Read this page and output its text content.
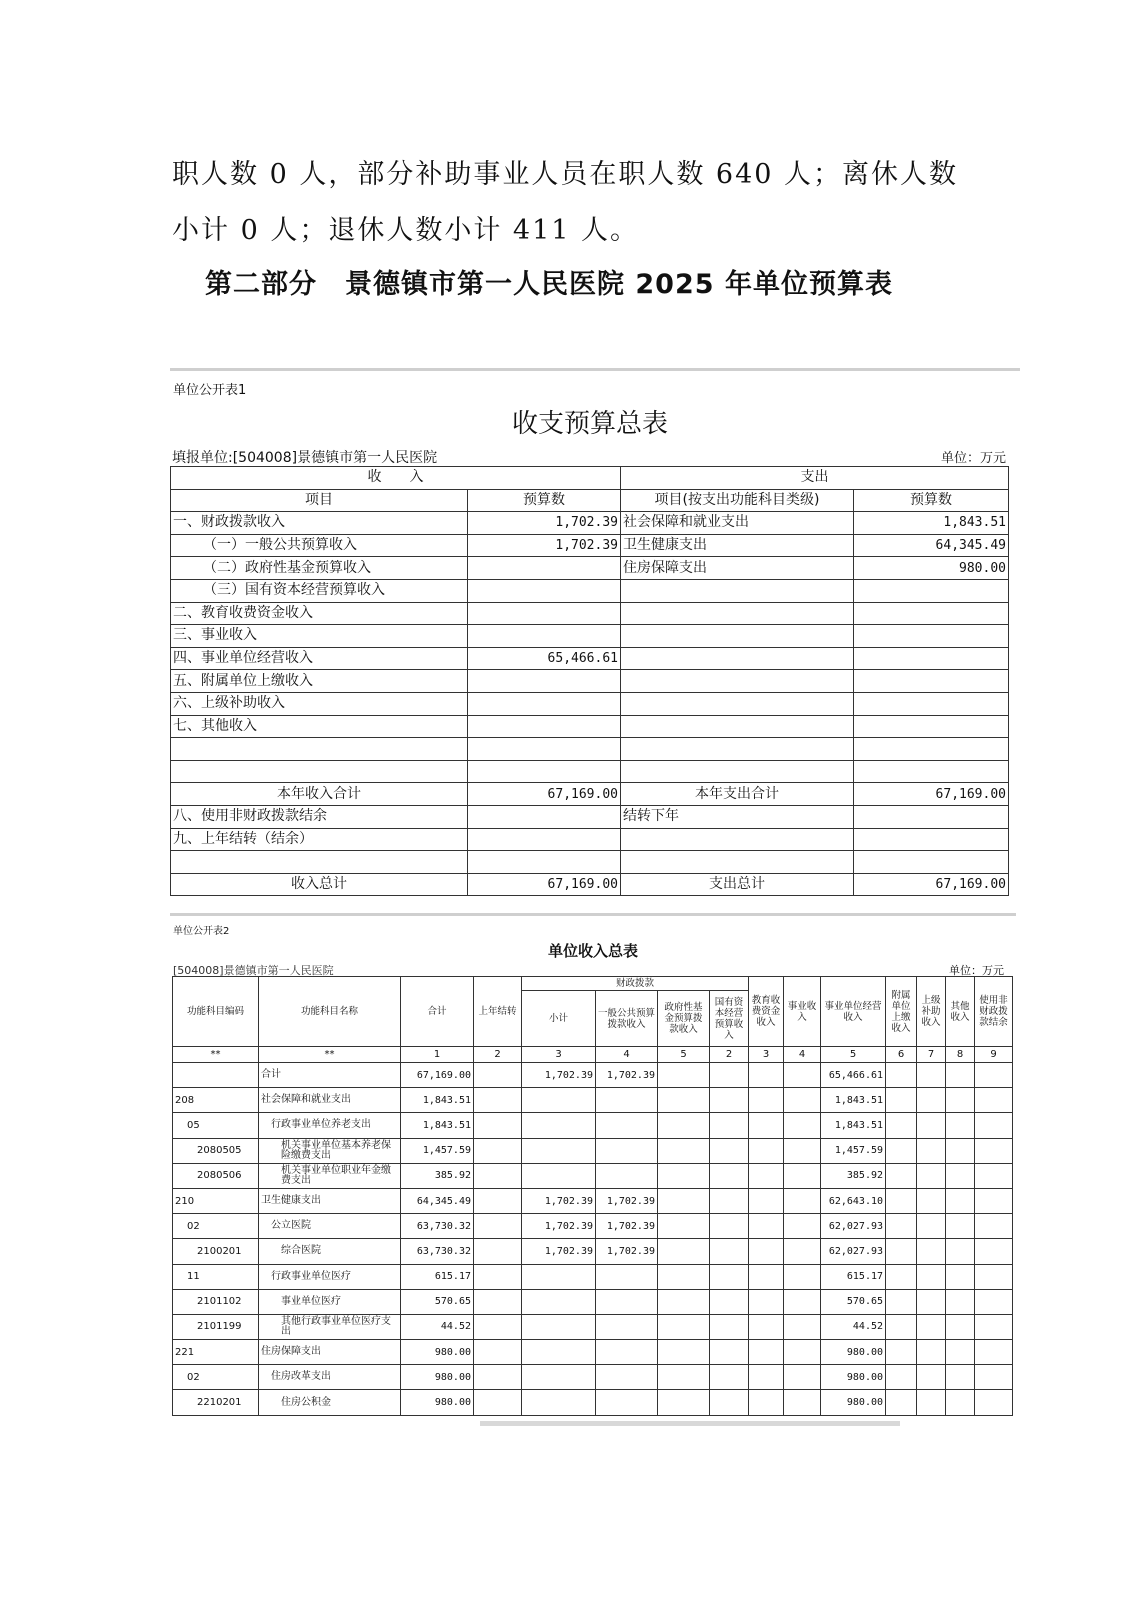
职人数 0 人，部分补助事业人员在职人数 640 人；离休人数
小计 0 人；退休人数小计 411 人。
第二部分　景德镇市第一人民医院 2025 年单位预算表
单位公开表1
收支预算总表
填报单位:[504008]景德镇市第一人民医院	单位：万元
收　　入		支出	
项目	预算数	项目(按支出功能科目类级)	预算数
一、财政拨款收入	1,702.39	社会保障和就业支出	1,843.51
（一）一般公共预算收入	1,702.39	卫生健康支出	64,345.49
（二）政府性基金预算收入		住房保障支出	980.00
（三）国有资本经营预算收入			
二、教育收费资金收入			
三、事业收入			
四、事业单位经营收入	65,466.61		
五、附属单位上缴收入			
六、上级补助收入			
七、其他收入			

本年收入合计	67,169.00	本年支出合计	67,169.00
八、使用非财政拨款结余		结转下年	
九、上年结转（结余）			

收入总计	67,169.00	支出总计	67,169.00
单位公开表2
单位收入总表
[504008]景德镇市第一人民医院	单位：万元
功能科目编码	功能科目名称	合计	上年结转	财政拨款				教育收费资金收入	事业收入	事业单位经营收入	附属单位上缴收入	上级补助收入	其他收入	使用非财政拨款结余
				小计	一般公共预算拨款收入	政府性基金预算拨款收入	国有资本经营预算收入							
**	**	1	2	3	4	5	2	3	4	5	6	7	8	9
	合计	67,169.00		1,702.39	1,702.39					65,466.61				
208	社会保障和就业支出	1,843.51								1,843.51				
05	行政事业单位养老支出	1,843.51								1,843.51				
2080505	机关事业单位基本养老保险缴费支出	1,457.59								1,457.59				
2080506	机关事业单位职业年金缴费支出	385.92								385.92				
210	卫生健康支出	64,345.49		1,702.39	1,702.39					62,643.10				
02	公立医院	63,730.32		1,702.39	1,702.39					62,027.93				
2100201	综合医院	63,730.32		1,702.39	1,702.39					62,027.93				
11	行政事业单位医疗	615.17								615.17				
2101102	事业单位医疗	570.65								570.65				
2101199	其他行政事业单位医疗支出	44.52								44.52				
221	住房保障支出	980.00								980.00				
02	住房改革支出	980.00								980.00				
2210201	住房公积金	980.00								980.00				
